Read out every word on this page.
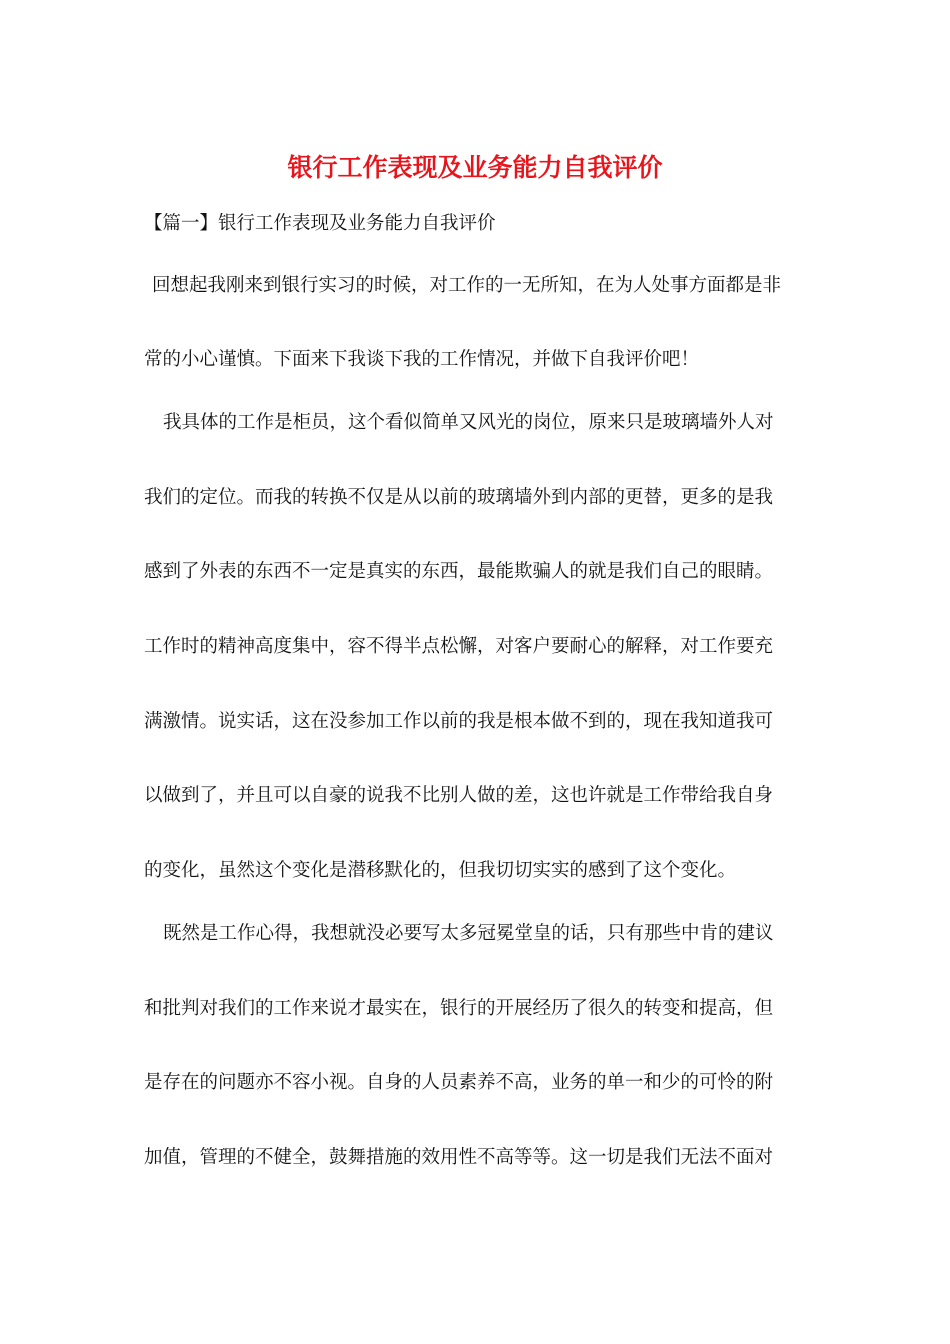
银行工作表现及业务能力自我评价
【篇一】银行工作表现及业务能力自我评价
回想起我刚来到银行实习的时候，对工作的一无所知，在为人处事方面都是非
常的小心谨慎。下面来下我谈下我的工作情况，并做下自我评价吧！
我具体的工作是柜员，这个看似简单又风光的岗位，原来只是玻璃墙外人对
我们的定位。而我的转换不仅是从以前的玻璃墙外到内部的更替，更多的是我
感到了外表的东西不一定是真实的东西，最能欺骗人的就是我们自己的眼睛。
工作时的精神高度集中，容不得半点松懈，对客户要耐心的解释，对工作要充
满激情。说实话，这在没参加工作以前的我是根本做不到的，现在我知道我可
以做到了，并且可以自豪的说我不比别人做的差，这也许就是工作带给我自身
的变化，虽然这个变化是潜移默化的，但我切切实实的感到了这个变化。
既然是工作心得，我想就没必要写太多冠冕堂皇的话，只有那些中肯的建议
和批判对我们的工作来说才最实在，银行的开展经历了很久的转变和提高，但
是存在的问题亦不容小视。自身的人员素养不高，业务的单一和少的可怜的附
加值，管理的不健全，鼓舞措施的效用性不高等等。这一切是我们无法不面对
